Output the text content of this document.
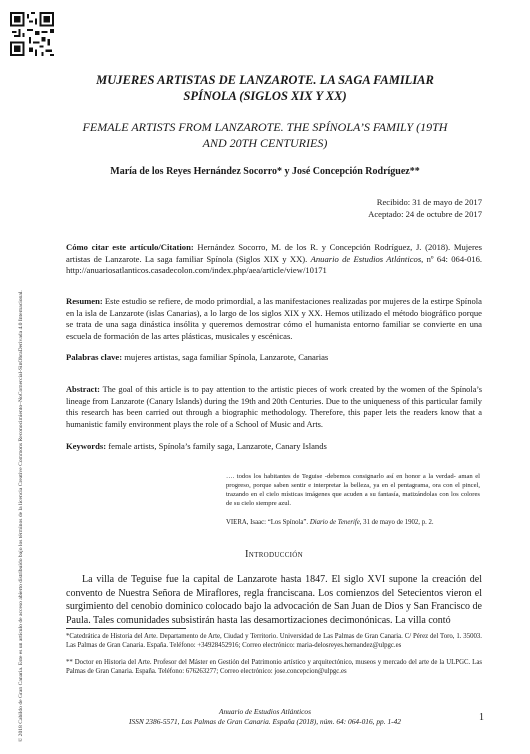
© 2018 Cabildo de Gran Canaria. Este es un artículo de acceso abierto distribuido bajo los términos de la licencia Creative Commons Reconocimiento–NoComercial-SinObraDerivada 4.0 Internacional.
MUJERES ARTISTAS DE LANZAROTE. LA SAGA FAMILIAR SPÍNOLA (SIGLOS XIX Y XX)
FEMALE ARTISTS FROM LANZAROTE. THE SPÍNOLA’S FAMILY (19TH AND 20TH CENTURIES)
María de los Reyes Hernández Socorro* y José Concepción Rodríguez**
Recibido: 31 de mayo de 2017
Aceptado: 24 de octubre de 2017
Cómo citar este artículo/Citation: Hernández Socorro, M. de los R. y Concepción Rodríguez, J. (2018). Mujeres artistas de Lanzarote. La saga familiar Spínola (Siglos XIX y XX). Anuario de Estudios Atlánticos, nº 64: 064-016. http://anuariosatlanticos.casadecolon.com/index.php/aea/article/view/10171
Resumen: Este estudio se refiere, de modo primordial, a las manifestaciones realizadas por mujeres de la estirpe Spínola en la isla de Lanzarote (islas Canarias), a lo largo de los siglos XIX y XX. Hemos utilizado el método biográfico porque se trata de una saga dinástica insólita y queremos demostrar cómo el humanista entorno familiar se convierte en una escuela de formación de las artes plásticas, musicales y escénicas.
Palabras clave: mujeres artistas, saga familiar Spínola, Lanzarote, Canarias
Abstract: The goal of this article is to pay attention to the artistic pieces of work created by the women of the Spínola’s lineage from Lanzarote (Canary Islands) during the 19th and 20th Centuries. Due to the uniqueness of this particular family this research has been carried out through a biographic methodology. Therefore, this paper lets the readers know that a humanistic family environment plays the role of a School of Music and Arts.
Keywords: female artists, Spínola’s family saga, Lanzarote, Canary Islands
…. todos los habitantes de Teguise -debemos consignarlo así en honor a la verdad- aman el progreso, porque saben sentir e interpretar la belleza, ya en el pentagrama, ora con el pincel, trazando en el cielo místicas imágenes que acuden a su fantasía, matizándolas con los colores de su cielo siempre azul.
VIERA, Isaac: “Los Spínola”. Diario de Tenerife, 31 de mayo de 1902, p. 2.
Introducción
La villa de Teguise fue la capital de Lanzarote hasta 1847. El siglo XVI supone la creación del convento de Nuestra Señora de Miraflores, regla franciscana. Los comienzos del Setecientos vieron el surgimiento del cenobio dominico colocado bajo la advocación de San Juan de Dios y San Francisco de Paula. Tales comunidades subsistirán hasta las desamortizaciones decimonónicas. La villa contó
*Catedrática de Historia del Arte. Departamento de Arte, Ciudad y Territorio. Universidad de Las Palmas de Gran Canaria. C/ Pérez del Toro, 1. 35003. Las Palmas de Gran Canaria. España. Teléfono: +34928452916; Correo electrónico: maria-delosreyes.hernandez@ulpgc.es
** Doctor en Historia del Arte. Profesor del Máster en Gestión del Patrimonio artístico y arquitectónico, museos y mercado del arte de la ULPGC. Las Palmas de Gran Canaria. España. Teléfono: 676263277; Correo electrónico: jose.concepcion@ulpgc.es
Anuario de Estudios Atlánticos
ISSN 2386-5571, Las Palmas de Gran Canaria. España (2018), núm. 64: 064-016, pp. 1-42	1
